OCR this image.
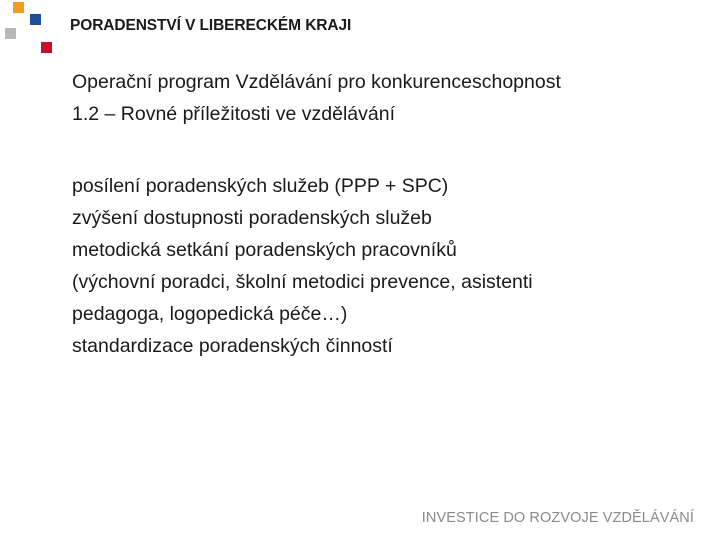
PORADENSTVÍ V LIBERECKÉM KRAJI
Operační program Vzdělávání pro konkurenceschopnost
1.2 – Rovné příležitosti ve vzdělávání
posílení poradenských služeb (PPP + SPC)
zvýšení dostupnosti poradenských služeb
metodická setkání poradenských pracovníků
(výchovní poradci, školní metodici prevence, asistenti
pedagoga, logopedická péče…)
standardizace poradenských činností
INVESTICE DO ROZVOJE VZDĚLÁVÁNÍ
